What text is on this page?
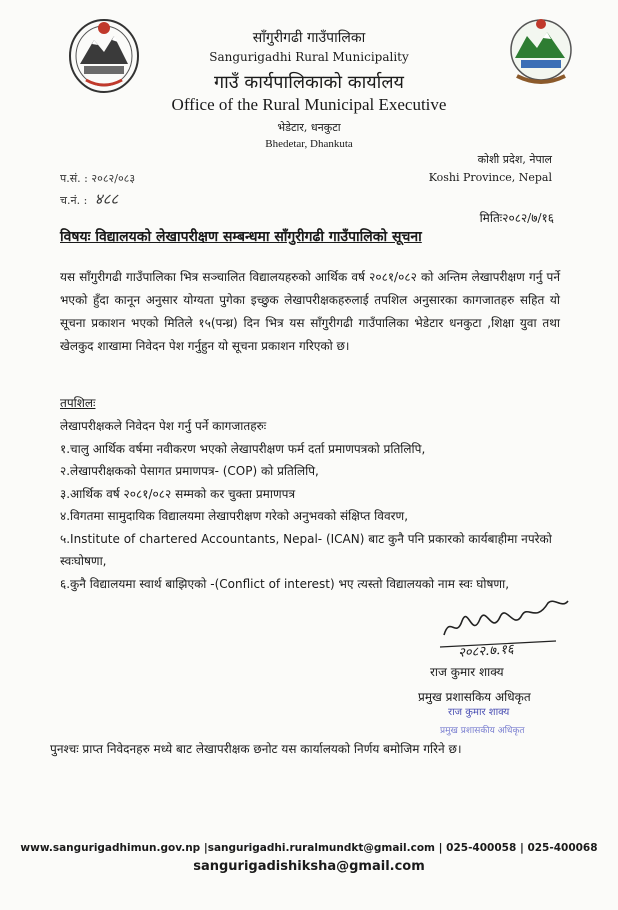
साँगुरीगढी गाउँपालिका
Sangurigadhi Rural Municipality
गाउँ कार्यपालिकाको कार्यालय
Office of the Rural Municipal Executive
भेडेटार, धनकुटा
Bhedetar, Dhankuta
कोशी प्रदेश, नेपाल
Koshi Province, Nepal
प.सं. : २०८२/०८३
च.नं. : ४८८
मितिः२०८२/७/१६
विषयः विद्यालयको लेखापरीक्षण सम्बन्धमा साँगुरीगढी गाउँपालिको सूचना
यस साँगुरीगढी गाउँपालिका भित्र सञ्चालित विद्यालयहरुको आर्थिक वर्ष २०८१/०८२ को अन्तिम लेखापरीक्षण गर्नु पर्ने भएको हुँदा कानून अनुसार योग्यता पुगेका इच्छुक लेखापरीक्षकहरुलाई तपशिल अनुसारका कागजातहरु सहित यो सूचना प्रकाशन भएको मितिले १५(पन्ध्र) दिन भित्र यस साँगुरीगढी गाउँपालिका भेडेटार धनकुटा ,शिक्षा युवा तथा खेलकुद शाखामा निवेदन पेश गर्नुहुन यो सूचना प्रकाशन गरिएको छ।
तपशिलः
लेखापरीक्षकले निवेदन पेश गर्नु पर्ने कागजातहरुः
१.चालु आर्थिक वर्षमा नवीकरण भएको लेखापरीक्षण फर्म दर्ता प्रमाणपत्रको प्रतिलिपि,
२.लेखापरीक्षकको पेसागत प्रमाणपत्र- (COP) को प्रतिलिपि,
३.आर्थिक वर्ष २०८१/०८२ सम्मको कर चुक्ता प्रमाणपत्र
४.विगतमा सामुदायिक विद्यालयमा लेखापरीक्षण गरेको अनुभवको संक्षिप्त विवरण,
५.Institute of chartered Accountants, Nepal- (ICAN) बाट कुनै पनि प्रकारको कार्यबाहीमा नपरेको स्वःघोषणा,
६.कुनै विद्यालयमा स्वार्थ बाझिएको -(Conflict of interest) भए त्यस्तो विद्यालयको नाम स्वः घोषणा,
२०८२.७.१६
राज कुमार शाक्य
प्रमुख प्रशासकिय अधिकृत
राज कुमार शाक्य
प्रमुख प्रशासकीय अधिकृत
पुनश्चः प्राप्त निवेदनहरु मध्ये बाट लेखापरीक्षक छनोट यस कार्यालयको निर्णय बमोजिम गरिने छ।
www.sangurigadhimun.gov.np |sangurigadhi.ruralmundkt@gmail.com | 025-400058 | 025-400068
sangurigadishiksha@gmail.com
